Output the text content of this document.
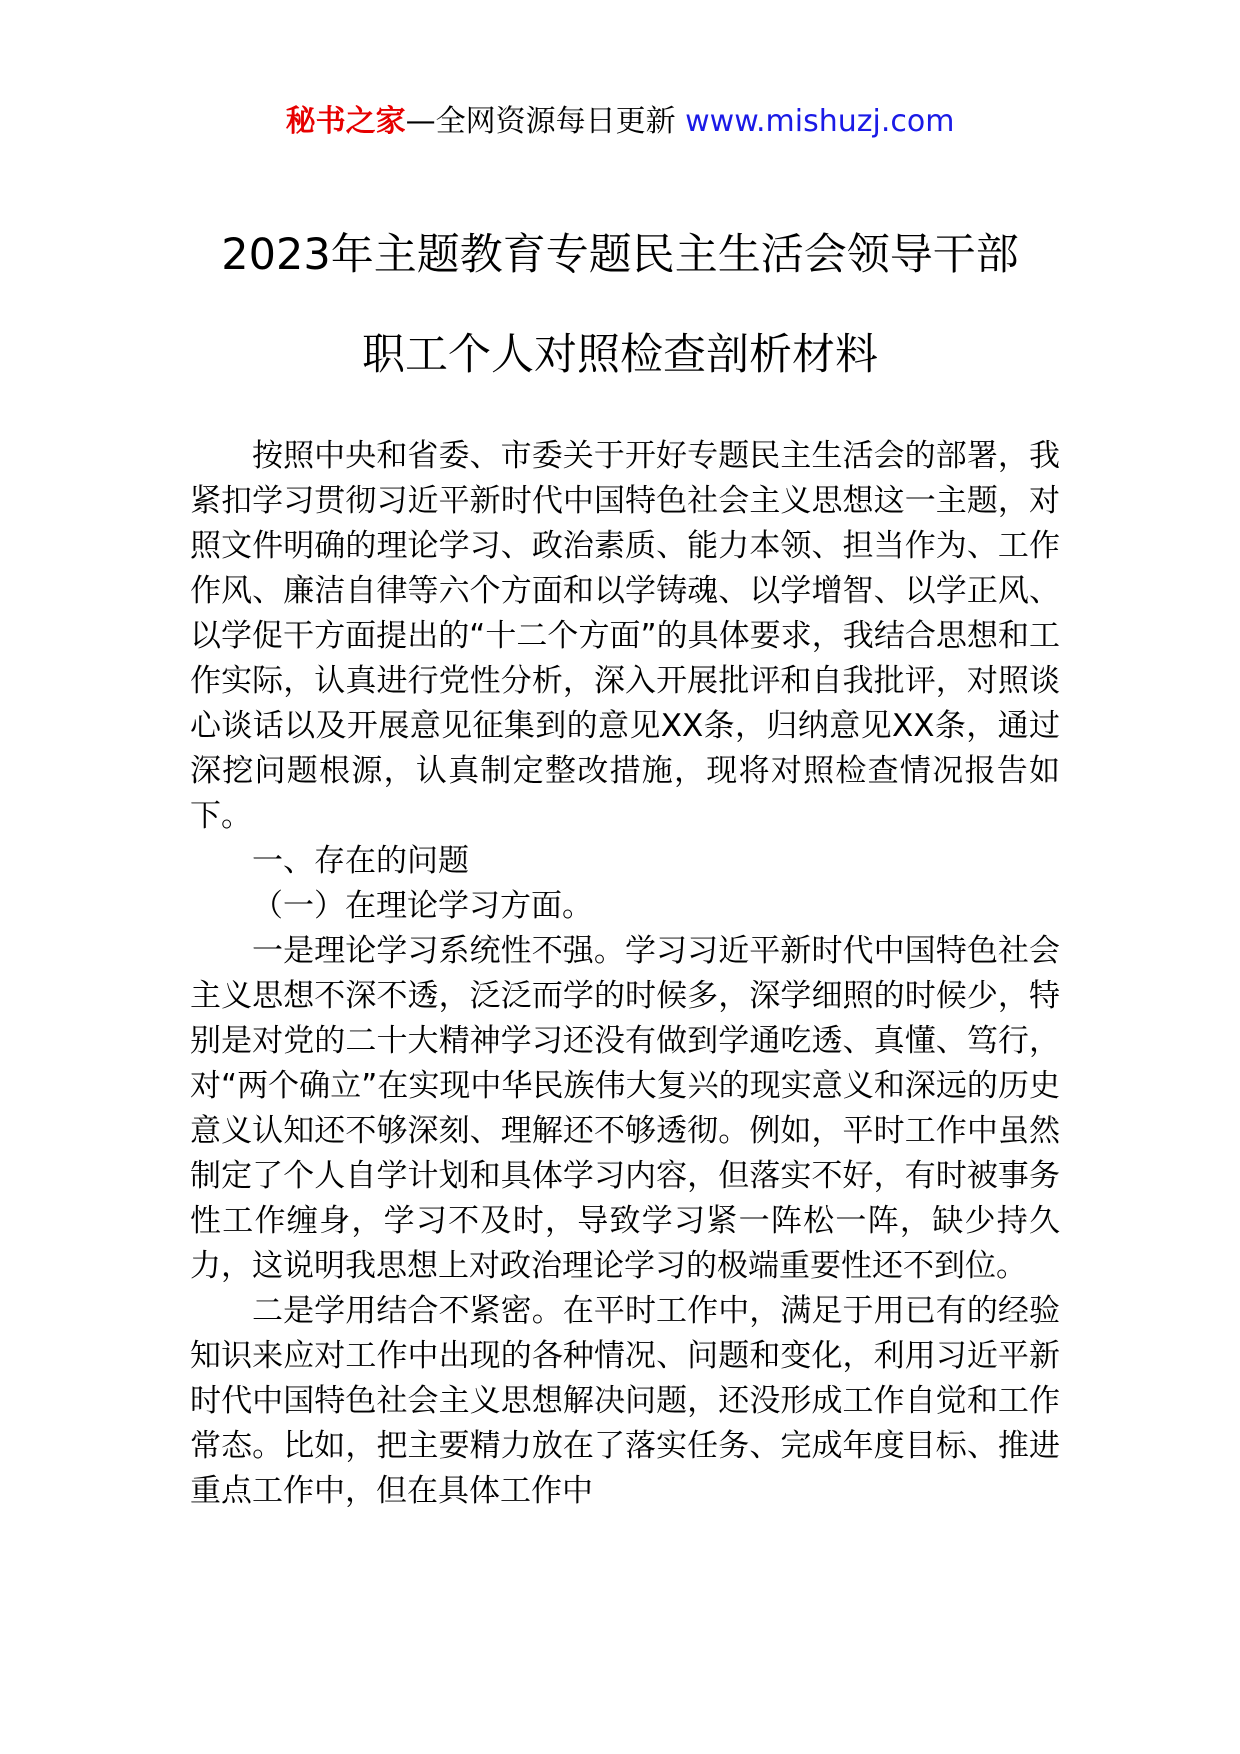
秘书之家—全网资源每日更新 www.mishuzj.com
2023年主题教育专题民主生活会领导干部
职工个人对照检查剖析材料

按照中央和省委、市委关于开好专题民主生活会的部署，我紧扣学习贯彻习近平新时代中国特色社会主义思想这一主题，对照文件明确的理论学习、政治素质、能力本领、担当作为、工作作风、廉洁自律等六个方面和以学铸魂、以学增智、以学正风、以学促干方面提出的“十二个方面”的具体要求，我结合思想和工作实际，认真进行党性分析，深入开展批评和自我批评，对照谈心谈话以及开展意见征集到的意见XX条，归纳意见XX条，通过深挖问题根源，认真制定整改措施，现将对照检查情况报告如下。

一、存在的问题

（一）在理论学习方面。

一是理论学习系统性不强。学习习近平新时代中国特色社会主义思想不深不透，泛泛而学的时候多，深学细照的时候少，特别是对党的二十大精神学习还没有做到学通吃透、真懂、笃行，对“两个确立”在实现中华民族伟大复兴的现实意义和深远的历史意义认知还不够深刻、理解还不够透彻。例如，平时工作中虽然制定了个人自学计划和具体学习内容，但落实不好，有时被事务性工作缠身，学习不及时，导致学习紧一阵松一阵，缺少持久力，这说明我思想上对政治理论学习的极端重要性还不到位。

二是学用结合不紧密。在平时工作中，满足于用已有的经验知识来应对工作中出现的各种情况、问题和变化，利用习近平新时代中国特色社会主义思想解决问题，还没形成工作自觉和工作常态。比如，把主要精力放在了落实任务、完成年度目标、推进重点工作中，但在具体工作中
